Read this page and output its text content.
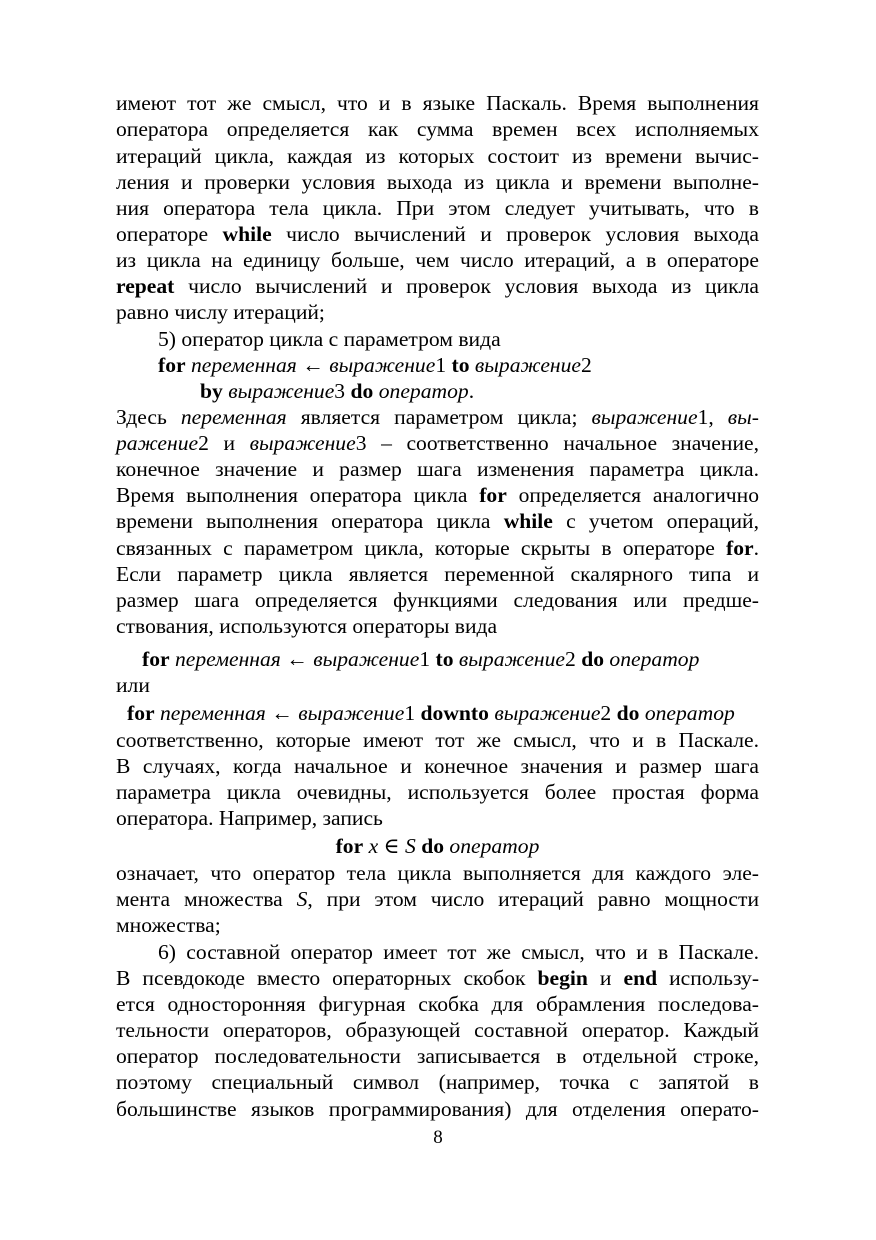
имеют тот же смысл, что и в языке Паскаль. Время выполнения
оператора определяется как сумма времен всех исполняемых
итераций цикла, каждая из которых состоит из времени вычис-
ления и проверки условия выхода из цикла и времени выполне-
ния оператора тела цикла. При этом следует учитывать, что в
операторе while число вычислений и проверок условия выхода
из цикла на единицу больше, чем число итераций, а в операторе
repeat число вычислений и проверок условия выхода из цикла
равно числу итераций;
5) оператор цикла с параметром вида
for переменная ← выражение1 to выражение2
by выражение3 do оператор.
Здесь переменная является параметром цикла; выражение1, вы-
ражение2 и выражение3 – соответственно начальное значение,
конечное значение и размер шага изменения параметра цикла.
Время выполнения оператора цикла for определяется аналогично
времени выполнения оператора цикла while с учетом операций,
связанных с параметром цикла, которые скрыты в операторе for.
Если параметр цикла является переменной скалярного типа и
размер шага определяется функциями следования или предше-
ствования, используются операторы вида
for переменная ← выражение1 to выражение2 do оператор
или
for переменная ← выражение1 downto выражение2 do оператор
соответственно, которые имеют тот же смысл, что и в Паскале.
В случаях, когда начальное и конечное значения и размер шага
параметра цикла очевидны, используется более простая форма
оператора. Например, запись
for x ∈ S do оператор
означает, что оператор тела цикла выполняется для каждого эле-
мента множества S, при этом число итераций равно мощности
множества;
6) составной оператор имеет тот же смысл, что и в Паскале.
В псевдокоде вместо операторных скобок begin и end использу-
ется односторонняя фигурная скобка для обрамления последова-
тельности операторов, образующей составной оператор. Каждый
оператор последовательности записывается в отдельной строке,
поэтому специальный символ (например, точка с запятой в
большинстве языков программирования) для отделения операто-
8
